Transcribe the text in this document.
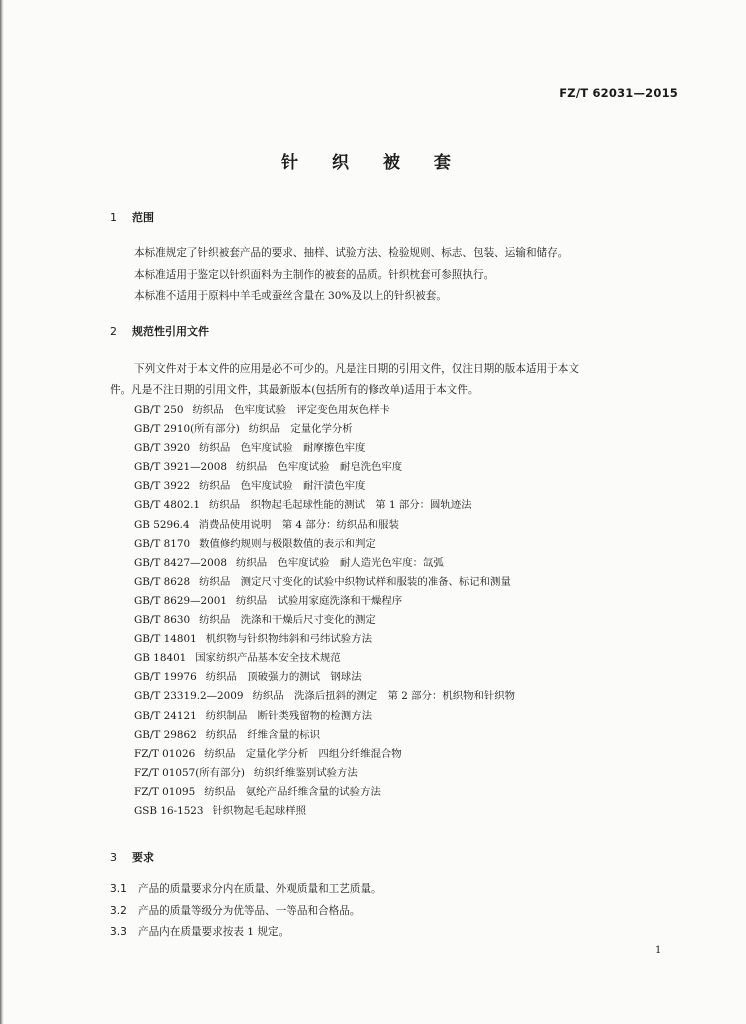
FZ/T 62031—2015
针 织 被 套
1 范围
本标准规定了针织被套产品的要求、抽样、试验方法、检验规则、标志、包装、运输和储存。
本标准适用于鉴定以针织面料为主制作的被套的品质。针织枕套可参照执行。
本标准不适用于原料中羊毛或蚕丝含量在 30%及以上的针织被套。
2 规范性引用文件
下列文件对于本文件的应用是必不可少的。凡是注日期的引用文件，仅注日期的版本适用于本文
件。凡是不注日期的引用文件，其最新版本(包括所有的修改单)适用于本文件。
GB/T 250 纺织品　色牢度试验　评定变色用灰色样卡
GB/T 2910(所有部分) 纺织品　定量化学分析
GB/T 3920 纺织品　色牢度试验　耐摩擦色牢度
GB/T 3921—2008 纺织品　色牢度试验　耐皂洗色牢度
GB/T 3922 纺织品　色牢度试验　耐汗渍色牢度
GB/T 4802.1 纺织品　织物起毛起球性能的测试　第 1 部分：圆轨迹法
GB 5296.4 消费品使用说明　第 4 部分：纺织品和服装
GB/T 8170 数值修约规则与极限数值的表示和判定
GB/T 8427—2008 纺织品　色牢度试验　耐人造光色牢度：氙弧
GB/T 8628 纺织品　测定尺寸变化的试验中织物试样和服装的准备、标记和测量
GB/T 8629—2001 纺织品　试验用家庭洗涤和干燥程序
GB/T 8630 纺织品　洗涤和干燥后尺寸变化的测定
GB/T 14801 机织物与针织物纬斜和弓纬试验方法
GB 18401 国家纺织产品基本安全技术规范
GB/T 19976 纺织品　顶破强力的测试　钢球法
GB/T 23319.2—2009 纺织品　洗涤后扭斜的测定　第 2 部分：机织物和针织物
GB/T 24121 纺织制品　断针类残留物的检测方法
GB/T 29862 纺织品　纤维含量的标识
FZ/T 01026 纺织品　定量化学分析　四组分纤维混合物
FZ/T 01057(所有部分) 纺织纤维鉴别试验方法
FZ/T 01095 纺织品　氨纶产品纤维含量的试验方法
GSB 16-1523 针织物起毛起球样照
3 要求
3.1 产品的质量要求分内在质量、外观质量和工艺质量。
3.2 产品的质量等级分为优等品、一等品和合格品。
3.3 产品内在质量要求按表 1 规定。
1
